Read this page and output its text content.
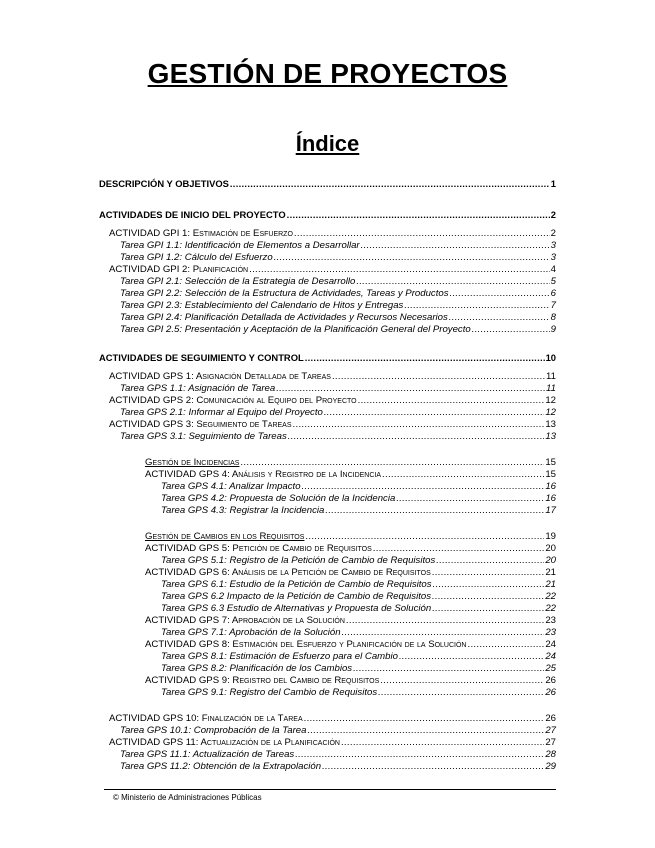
GESTIÓN DE PROYECTOS
Índice
DESCRIPCIÓN Y OBJETIVOS .....	1
ACTIVIDADES DE INICIO DEL PROYECTO .....	2
ACTIVIDAD GPI 1: Estimación de Esfuerzo .....	2
Tarea GPI 1.1: Identificación de Elementos a Desarrollar .....	3
Tarea GPI 1.2: Cálculo del Esfuerzo .....	3
ACTIVIDAD GPI 2: Planificación .....	4
Tarea GPI 2.1: Selección de la Estrategia de Desarrollo .....	5
Tarea GPI 2.2: Selección de la Estructura de Actividades, Tareas y Productos .....	6
Tarea GPI 2.3: Establecimiento del Calendario de Hitos y Entregas .....	7
Tarea GPI 2.4: Planificación Detallada de Actividades y Recursos Necesarios .....	8
Tarea GPI 2.5: Presentación y Aceptación de la Planificación General del Proyecto .....	9
ACTIVIDADES DE SEGUIMIENTO Y CONTROL .....	10
ACTIVIDAD GPS 1: Asignación Detallada de Tareas .....	11
Tarea GPS 1.1: Asignación de Tarea .....	11
ACTIVIDAD GPS 2: Comunicación al Equipo del Proyecto .....	12
Tarea GPS 2.1: Informar al Equipo del Proyecto .....	12
ACTIVIDAD GPS 3: Seguimiento de Tareas .....	13
Tarea GPS 3.1: Seguimiento de Tareas .....	13
Gestión de Incidencias .....	15
ACTIVIDAD GPS 4: Análisis y Registro de la Incidencia .....	15
Tarea GPS 4.1: Analizar Impacto .....	16
Tarea GPS 4.2: Propuesta de Solución de la Incidencia .....	16
Tarea GPS 4.3: Registrar la Incidencia .....	17
Gestión de Cambios en los Requisitos .....	19
ACTIVIDAD GPS 5: Petición de Cambio de Requisitos .....	20
Tarea GPS 5.1: Registro de la Petición de Cambio de Requisitos .....	20
ACTIVIDAD GPS 6: Análisis de la Petición de Cambio de Requisitos .....	21
Tarea GPS 6.1: Estudio de la Petición de Cambio de Requisitos .....	21
Tarea GPS 6.2 Impacto de la Petición de Cambio de Requisitos .....	22
Tarea GPS 6.3 Estudio de Alternativas y Propuesta de Solución .....	22
ACTIVIDAD GPS 7: Aprobación de la Solución .....	23
Tarea GPS 7.1: Aprobación de la Solución .....	23
ACTIVIDAD GPS 8: Estimación del Esfuerzo y Planificación de la Solución .....	24
Tarea GPS 8.1: Estimación de Esfuerzo para el Cambio .....	24
Tarea GPS 8.2: Planificación de los Cambios .....	25
ACTIVIDAD GPS 9: Registro del Cambio de Requisitos .....	26
Tarea GPS 9.1: Registro del Cambio de Requisitos .....	26
ACTIVIDAD GPS 10: Finalización de la Tarea .....	26
Tarea GPS 10.1: Comprobación de la Tarea .....	27
ACTIVIDAD GPS 11: Actualización de la Planificación .....	27
Tarea GPS 11.1: Actualización de Tareas .....	28
Tarea GPS 11.2: Obtención de la Extrapolación .....	29
© Ministerio de Administraciones Públicas
